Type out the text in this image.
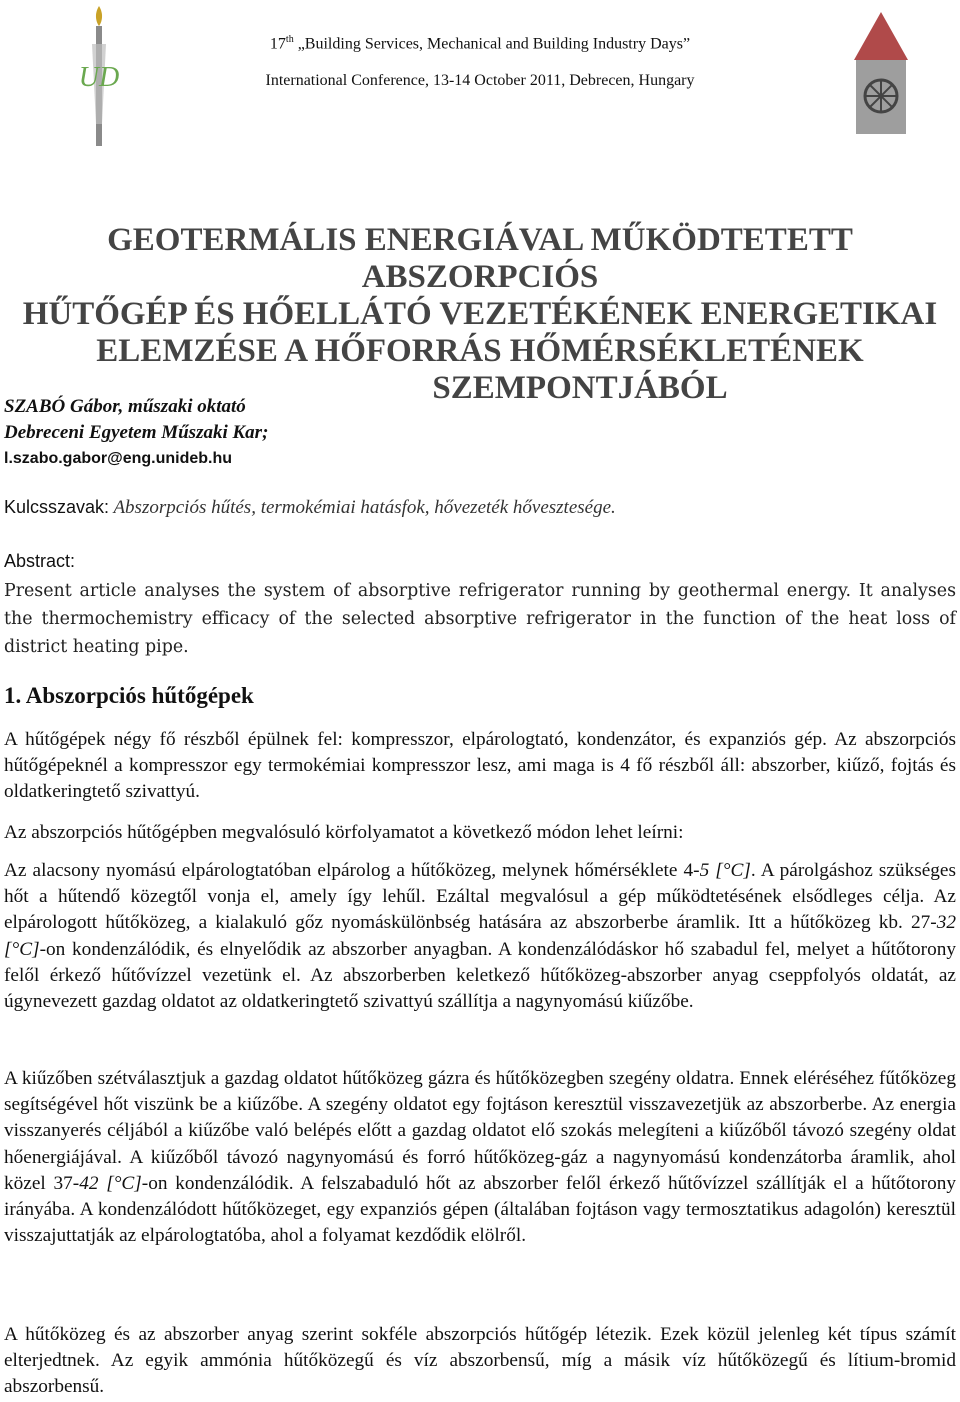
UD
17th „Building Services, Mechanical and Building Industry Days”
International Conference, 13-14 October 2011, Debrecen, Hungary
GEOTERMÁLIS ENERGIÁVAL MŰKÖDTETETT ABSZORPCIÓS
HŰTŐGÉP ÉS HŐELLÁTÓ VEZETÉKÉNEK ENERGETIKAI
ELEMZÉSE A HŐFORRÁS HŐMÉRSÉKLETÉNEK
SZEMPONTJÁBÓL
SZABÓ Gábor, műszaki oktató
Debreceni Egyetem Műszaki Kar;
l.szabo.gabor@eng.unideb.hu
Kulcsszavak: Abszorpciós hűtés, termokémiai hatásfok, hővezeték hővesztesége.
Abstract:

Present article analyses the system of absorptive refrigerator running by geothermal energy. It analyses the thermochemistry efficacy of the selected absorptive refrigerator in the function of the heat loss of district heating pipe.

1. Abszorpciós hűtőgépek

A hűtőgépek négy fő részből épülnek fel: kompresszor, elpárologtató, kondenzátor, és expanziós gép. Az abszorpciós hűtőgépeknél a kompresszor egy termokémiai kompresszor lesz, ami maga is 4 fő részből áll: abszorber, kiűző, fojtás és oldatkeringtető szivattyú.

Az abszorpciós hűtőgépben megvalósuló körfolyamatot a következő módon lehet leírni:

Az alacsony nyomású elpárologtatóban elpárolog a hűtőközeg, melynek hőmérséklete 4-5 [°C]. A párolgáshoz szükséges hőt a hűtendő közegtől vonja el, amely így lehűl. Ezáltal megvalósul a gép működtetésének elsődleges célja. Az elpárologott hűtőközeg, a kialakuló gőz nyomáskülönbség hatására az abszorberbe áramlik. Itt a hűtőközeg kb. 27-32 [°C]-on kondenzálódik, és elnyelődik az abszorber anyagban. A kondenzálódáskor hő szabadul fel, melyet a hűtőtorony felől érkező hűtővízzel vezetünk el. Az abszorberben keletkező hűtőközeg-abszorber anyag cseppfolyós oldatát, az úgynevezett gazdag oldatot az oldatkeringtető szivattyú szállítja a nagynyomású kiűzőbe.

A kiűzőben szétválasztjuk a gazdag oldatot hűtőközeg gázra és hűtőközegben szegény oldatra. Ennek eléréséhez fűtőközeg segítségével hőt viszünk be a kiűzőbe. A szegény oldatot egy fojtáson keresztül visszavezetjük az abszorberbe. Az energia visszanyerés céljából a kiűzőbe való belépés előtt a gazdag oldatot elő szokás melegíteni a kiűzőből távozó szegény oldat hőenergiájával. A kiűzőből távozó nagynyomású és forró hűtőközeg-gáz a nagynyomású kondenzátorba áramlik, ahol közel 37-42 [°C]-on kondenzálódik. A felszabaduló hőt az abszorber felől érkező hűtővízzel szállítják el a hűtőtorony irányába. A kondenzálódott hűtőközeget, egy expanziós gépen (általában fojtáson vagy termosztatikus adagolón) keresztül visszajuttatják az elpárologtatóba, ahol a folyamat kezdődik elölről.

A hűtőközeg és az abszorber anyag szerint sokféle abszorpciós hűtőgép létezik. Ezek közül jelenleg két típus számít elterjedtnek. Az egyik ammónia hűtőközegű és víz abszorbensű, míg a másik víz hűtőközegű és lítium-bromid abszorbensű.
